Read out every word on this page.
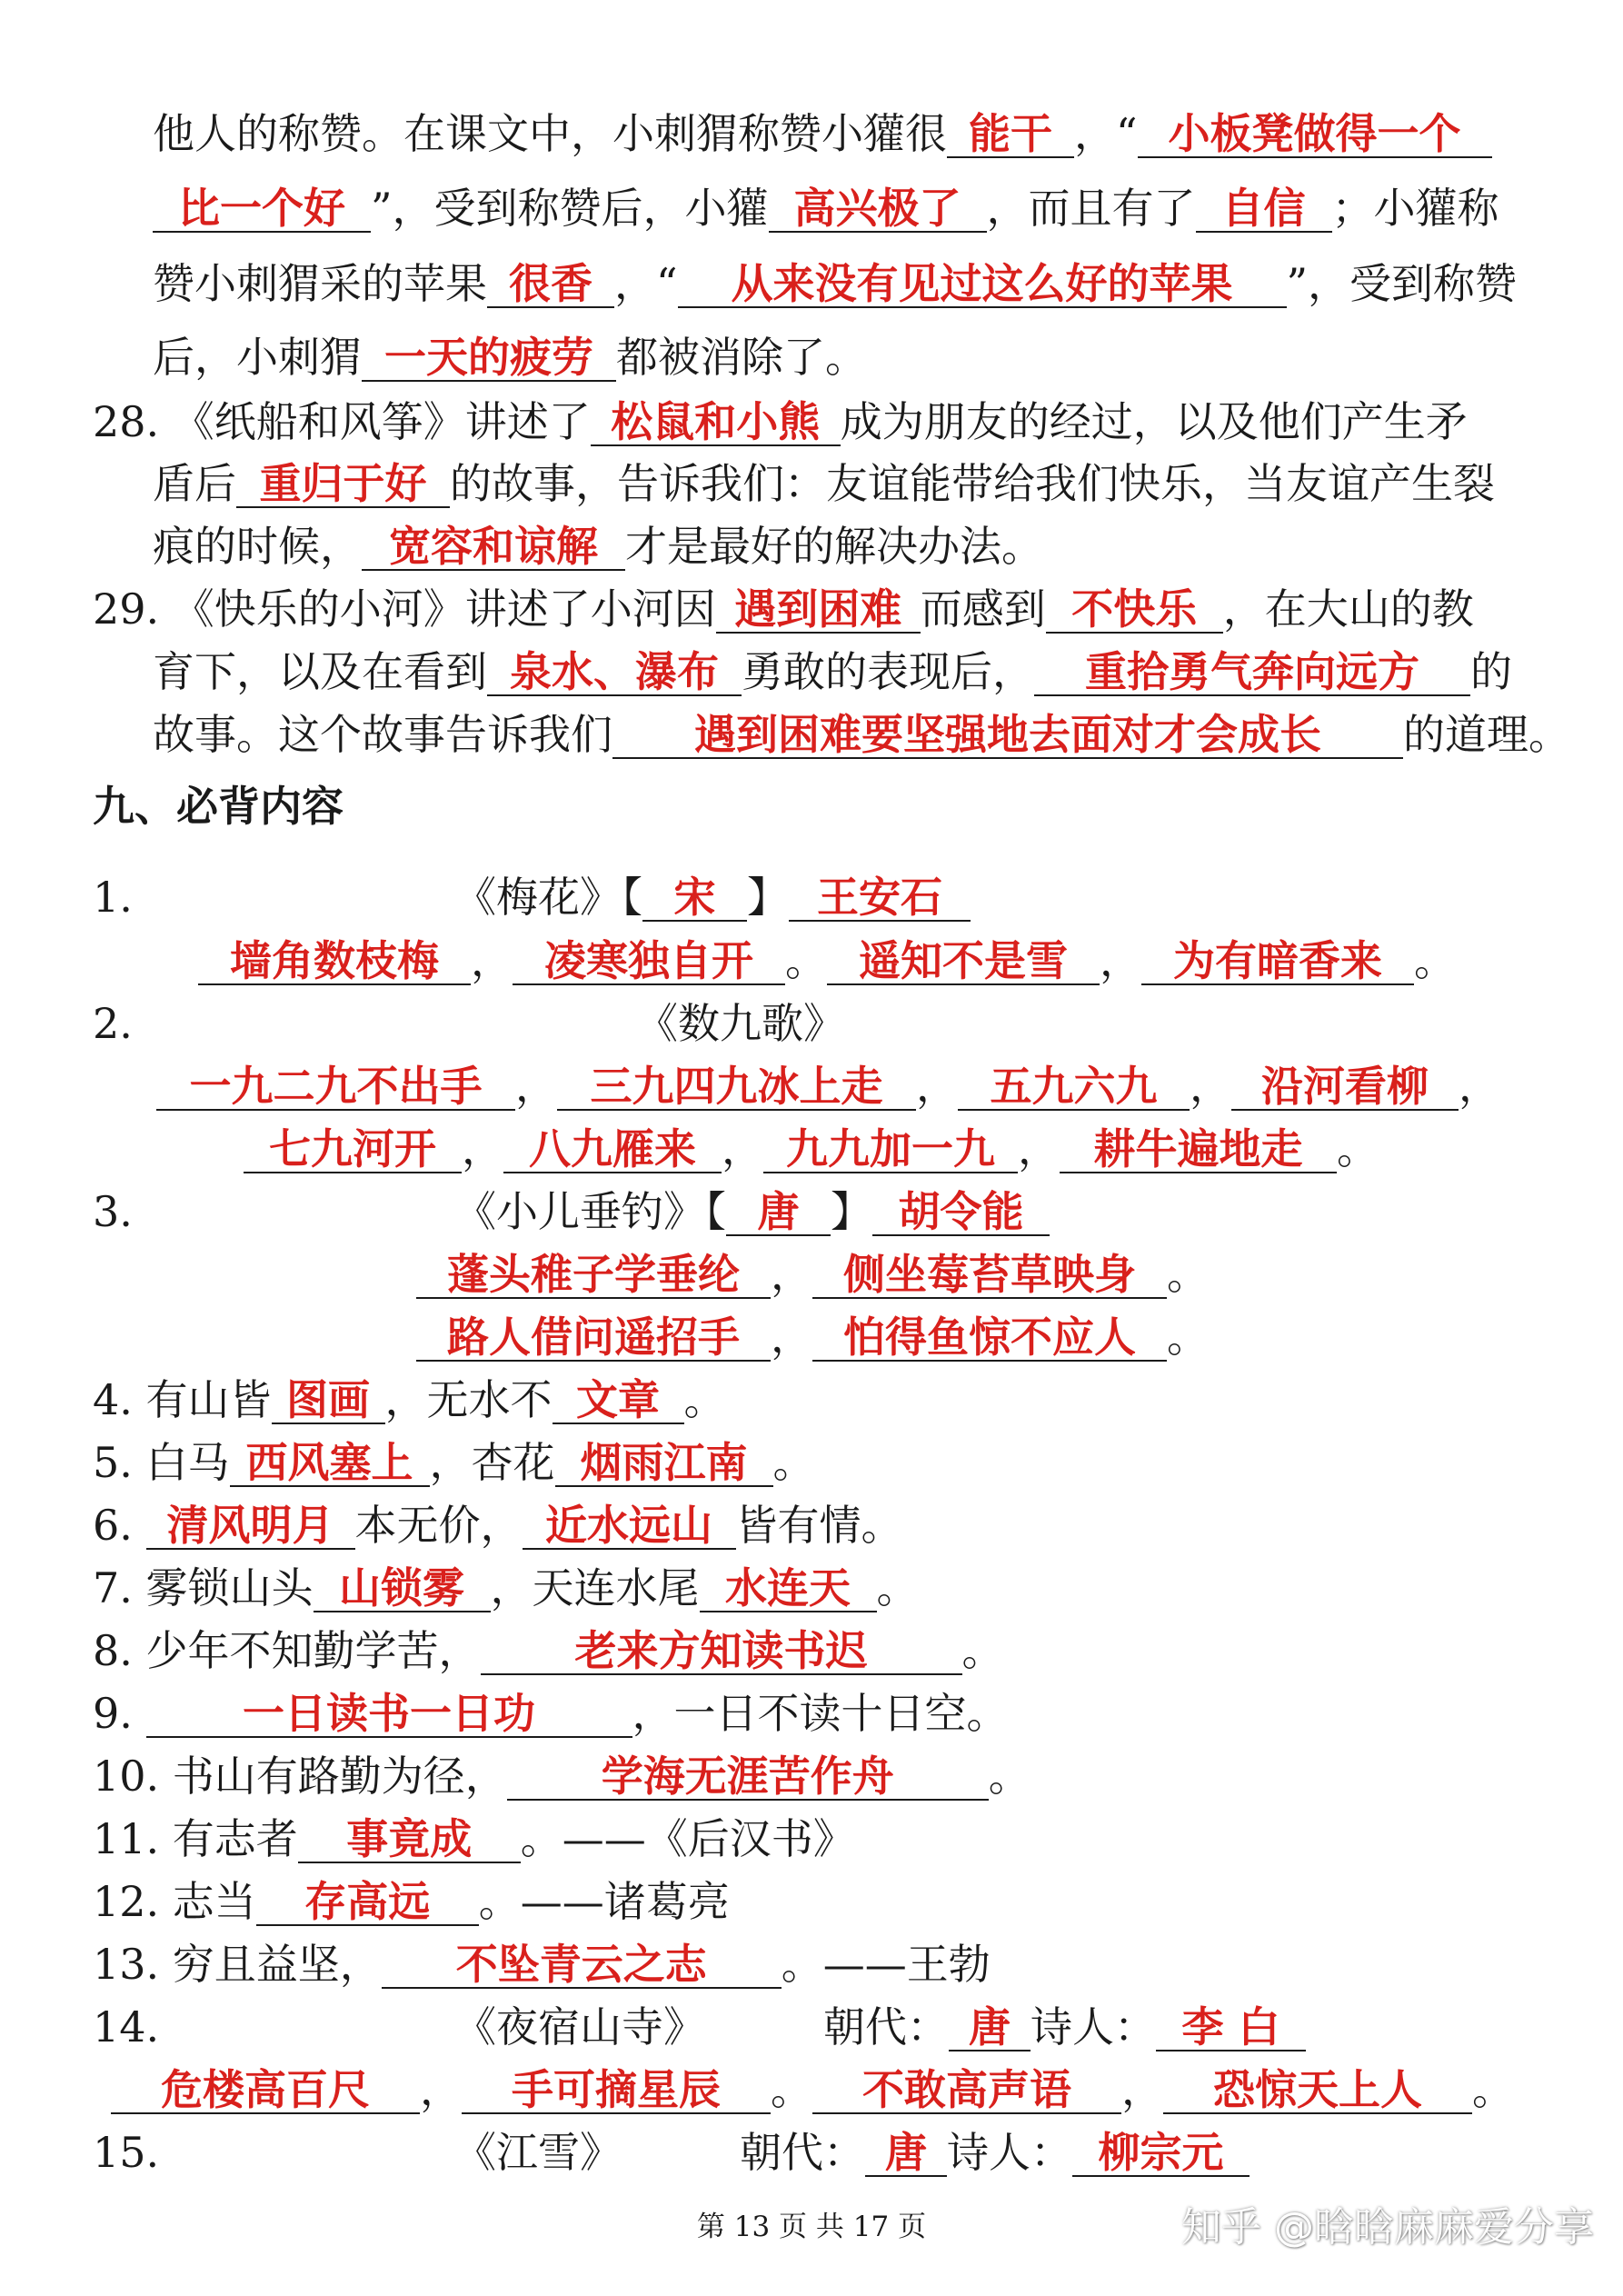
他人的称赞。在课文中，小刺猬称赞小獾很 能干 ，“ 小板凳做得一个
比一个好 ”，受到称赞后，小獾 高兴极了 ，而且有了 自信 ；小獾称
赞小刺猬采的苹果 很香 ，“ 从来没有见过这么好的苹果 ”，受到称赞
后，小刺猬 一天的疲劳 都被消除了。
28. 《纸船和风筝》讲述了 松鼠和小熊 成为朋友的经过，以及他们产生矛
盾后 重归于好 的故事，告诉我们：友谊能带给我们快乐，当友谊产生裂
痕的时候， 宽容和谅解 才是最好的解决办法。
29. 《快乐的小河》讲述了小河因 遇到困难 而感到 不快乐 ，在大山的教
育下，以及在看到 泉水、瀑布 勇敢的表现后， 重拾勇气奔向远方 的
故事。这个故事告诉我们 遇到困难要坚强地去面对才会成长 的道理。
1.	《梅花》【 宋 】 王安石
墙角数枝梅 ， 凌寒独自开 。 遥知不是雪 ， 为有暗香来 。
2.	《数九歌》
一九二九不出手 ， 三九四九冰上走 ， 五九六九 ， 沿河看柳 ，
七九河开 ， 八九雁来 ， 九九加一九 ， 耕牛遍地走 。
3.	《小儿垂钓》【 唐 】 胡令能
蓬头稚子学垂纶 ， 侧坐莓苔草映身 。
路人借问遥招手 ， 怕得鱼惊不应人 。
4. 有山皆 图画 ，无水不 文章 。
5. 白马 西风塞上 ，杏花 烟雨江南 。
6. 清风明月 本无价， 近水远山 皆有情。
7. 雾锁山头 山锁雾 ，天连水尾 水连天 。
8. 少年不知勤学苦， 老来方知读书迟 。
9. 一日读书一日功 ，一日不读十日空。
10. 书山有路勤为径， 学海无涯苦作舟 。
11. 有志者 事竟成 。——《后汉书》
12. 志当 存高远 。——诸葛亮
13. 穷且益坚， 不坠青云之志 。——王勃
14.	《夜宿山寺》	朝代： 唐 诗人： 李 白
危楼高百尺 ， 手可摘星辰 。 不敢高声语 ， 恐惊天上人 。
15.	《江雪》	朝代： 唐 诗人： 柳宗元
九、必背内容
第 13 页 共 17 页	知乎 @晗晗麻麻爱分享
